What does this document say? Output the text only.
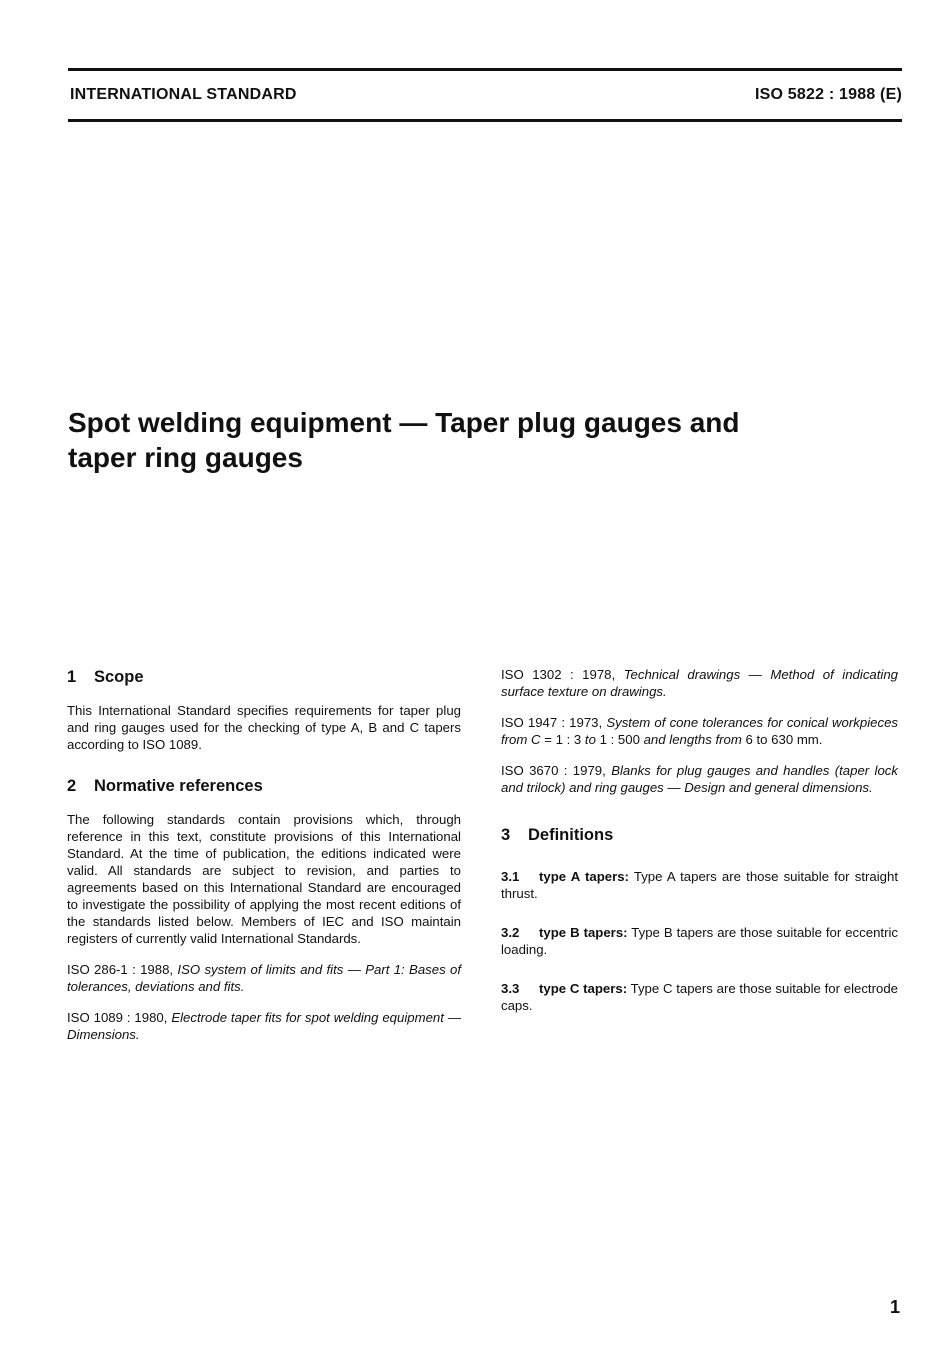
INTERNATIONAL STANDARD	ISO 5822 : 1988 (E)
Spot welding equipment — Taper plug gauges and
taper ring gauges
1 Scope

This International Standard specifies requirements for taper plug and ring gauges used for the checking of type A, B and C tapers according to ISO 1089.

2 Normative references

The following standards contain provisions which, through reference in this text, constitute provisions of this International Standard. At the time of publication, the editions indicated were valid. All standards are subject to revision, and parties to agreements based on this International Standard are encouraged to investigate the possibility of applying the most recent editions of the standards listed below. Members of IEC and ISO maintain registers of currently valid International Standards.

ISO 286-1 : 1988, ISO system of limits and fits — Part 1: Bases of tolerances, deviations and fits.

ISO 1089 : 1980, Electrode taper fits for spot welding equipment — Dimensions.

ISO 1302 : 1978, Technical drawings — Method of indicating surface texture on drawings.

ISO 1947 : 1973, System of cone tolerances for conical workpieces from C = 1 : 3 to 1 : 500 and lengths from 6 to 630 mm.

ISO 3670 : 1979, Blanks for plug gauges and handles (taper lock and trilock) and ring gauges — Design and general dimensions.

3 Definitions

3.1 type A tapers: Type A tapers are those suitable for straight thrust.

3.2 type B tapers: Type B tapers are those suitable for eccentric loading.

3.3 type C tapers: Type C tapers are those suitable for electrode caps.

1
